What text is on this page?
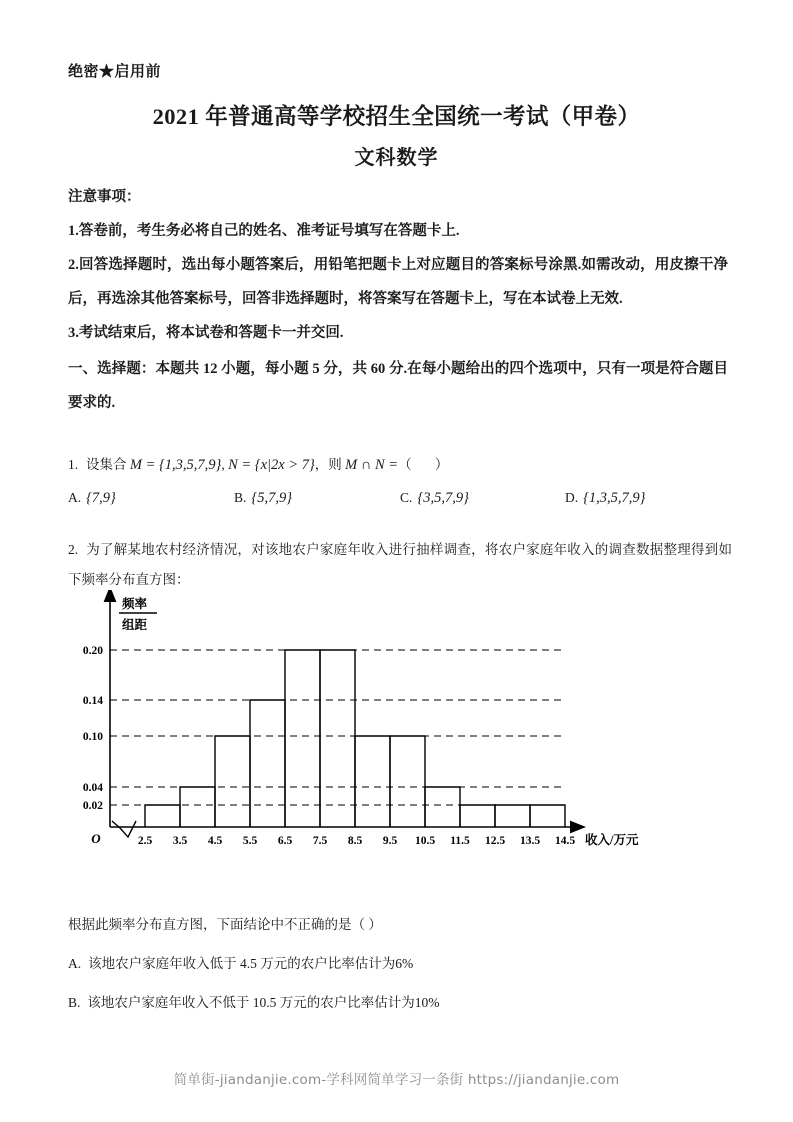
绝密★启用前
2021 年普通高等学校招生全国统一考试（甲卷）
文科数学
注意事项：
1.答卷前，考生务必将自己的姓名、准考证号填写在答题卡上.
2.回答选择题时，选出每小题答案后，用铅笔把题卡上对应题目的答案标号涂黑.如需改动，用皮擦干净后，再选涂其他答案标号，回答非选择题时，将答案写在答题卡上，写在本试卷上无效.
3.考试结束后，将本试卷和答题卡一并交回.
一、选择题：本题共 12 小题，每小题 5 分，共 60 分.在每小题给出的四个选项中，只有一项是符合题目要求的.
1. 设集合 M = {1,3,5,7,9}, N = {x|2x > 7}，则 M ∩ N =（ ）
A. {7,9}	B. {5,7,9}	C. {3,5,7,9}	D. {1,3,5,7,9}
2. 为了解某地农村经济情况，对该地农户家庭年收入进行抽样调查，将农户家庭年收入的调查数据整理得到如下频率分布直方图：
频率
组距
0.20
0.14
0.10
0.04
0.02
O	2.5 3.5 4.5 5.5 6.5 7.5 8.5 9.5 10.5 11.5 12.5 13.5 14.5 收入/万元
根据此频率分布直方图，下面结论中不正确的是（ ）
A. 该地农户家庭年收入低于 4.5 万元的农户比率估计为6%
B. 该地农户家庭年收入不低于 10.5 万元的农户比率估计为10%
简单街-jiandanjie.com-学科网简单学习一条街 https://jiandanjie.com
